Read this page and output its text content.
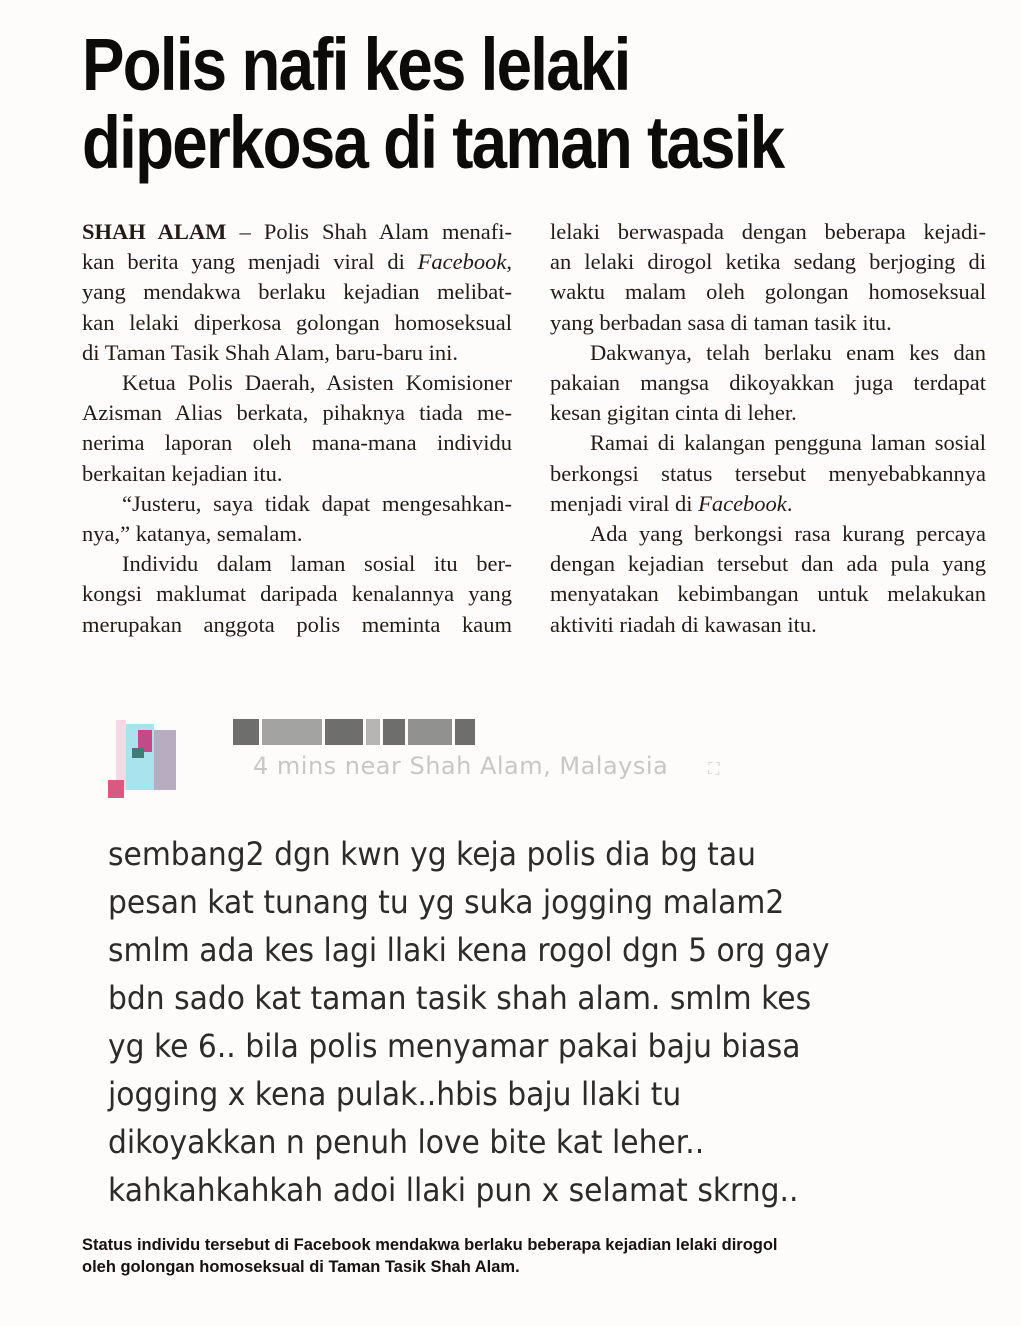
Polis nafi kes lelaki
diperkosa di taman tasik

SHAH ALAM – Polis Shah Alam menafi-
kan berita yang menjadi viral di Facebook,
yang mendakwa berlaku kejadian melibat-
kan lelaki diperkosa golongan homoseksual
di Taman Tasik Shah Alam, baru-baru ini.

Ketua Polis Daerah, Asisten Komisioner
Azisman Alias berkata, pihaknya tiada me-
nerima laporan oleh mana-mana individu
berkaitan kejadian itu.

“Justeru, saya tidak dapat mengesahkan-
nya,” katanya, semalam.

Individu dalam laman sosial itu ber-
kongsi maklumat daripada kenalannya yang
merupakan anggota polis meminta kaum

lelaki berwaspada dengan beberapa kejadi-
an lelaki dirogol ketika sedang berjoging di
waktu malam oleh golongan homoseksual
yang berbadan sasa di taman tasik itu.

Dakwanya, telah berlaku enam kes dan
pakaian mangsa dikoyakkan juga terdapat
kesan gigitan cinta di leher.

Ramai di kalangan pengguna laman sosial
berkongsi status tersebut menyebabkannya
menjadi viral di Facebook.

Ada yang berkongsi rasa kurang percaya
dengan kejadian tersebut dan ada pula yang
menyatakan kebimbangan untuk melakukan
aktiviti riadah di kawasan itu.

4 mins near Shah Alam, Malaysia	⛶
sembang2 dgn kwn yg keja polis dia bg tau
pesan kat tunang tu yg suka jogging malam2
smlm ada kes lagi llaki kena rogol dgn 5 org gay
bdn sado kat taman tasik shah alam. smlm kes
yg ke 6.. bila polis menyamar pakai baju biasa
jogging x kena pulak..hbis baju llaki tu
dikoyakkan n penuh love bite kat leher..
kahkahkahkah adoi llaki pun x selamat skrng..
Status individu tersebut di Facebook mendakwa berlaku beberapa kejadian lelaki dirogol
oleh golongan homoseksual di Taman Tasik Shah Alam.
